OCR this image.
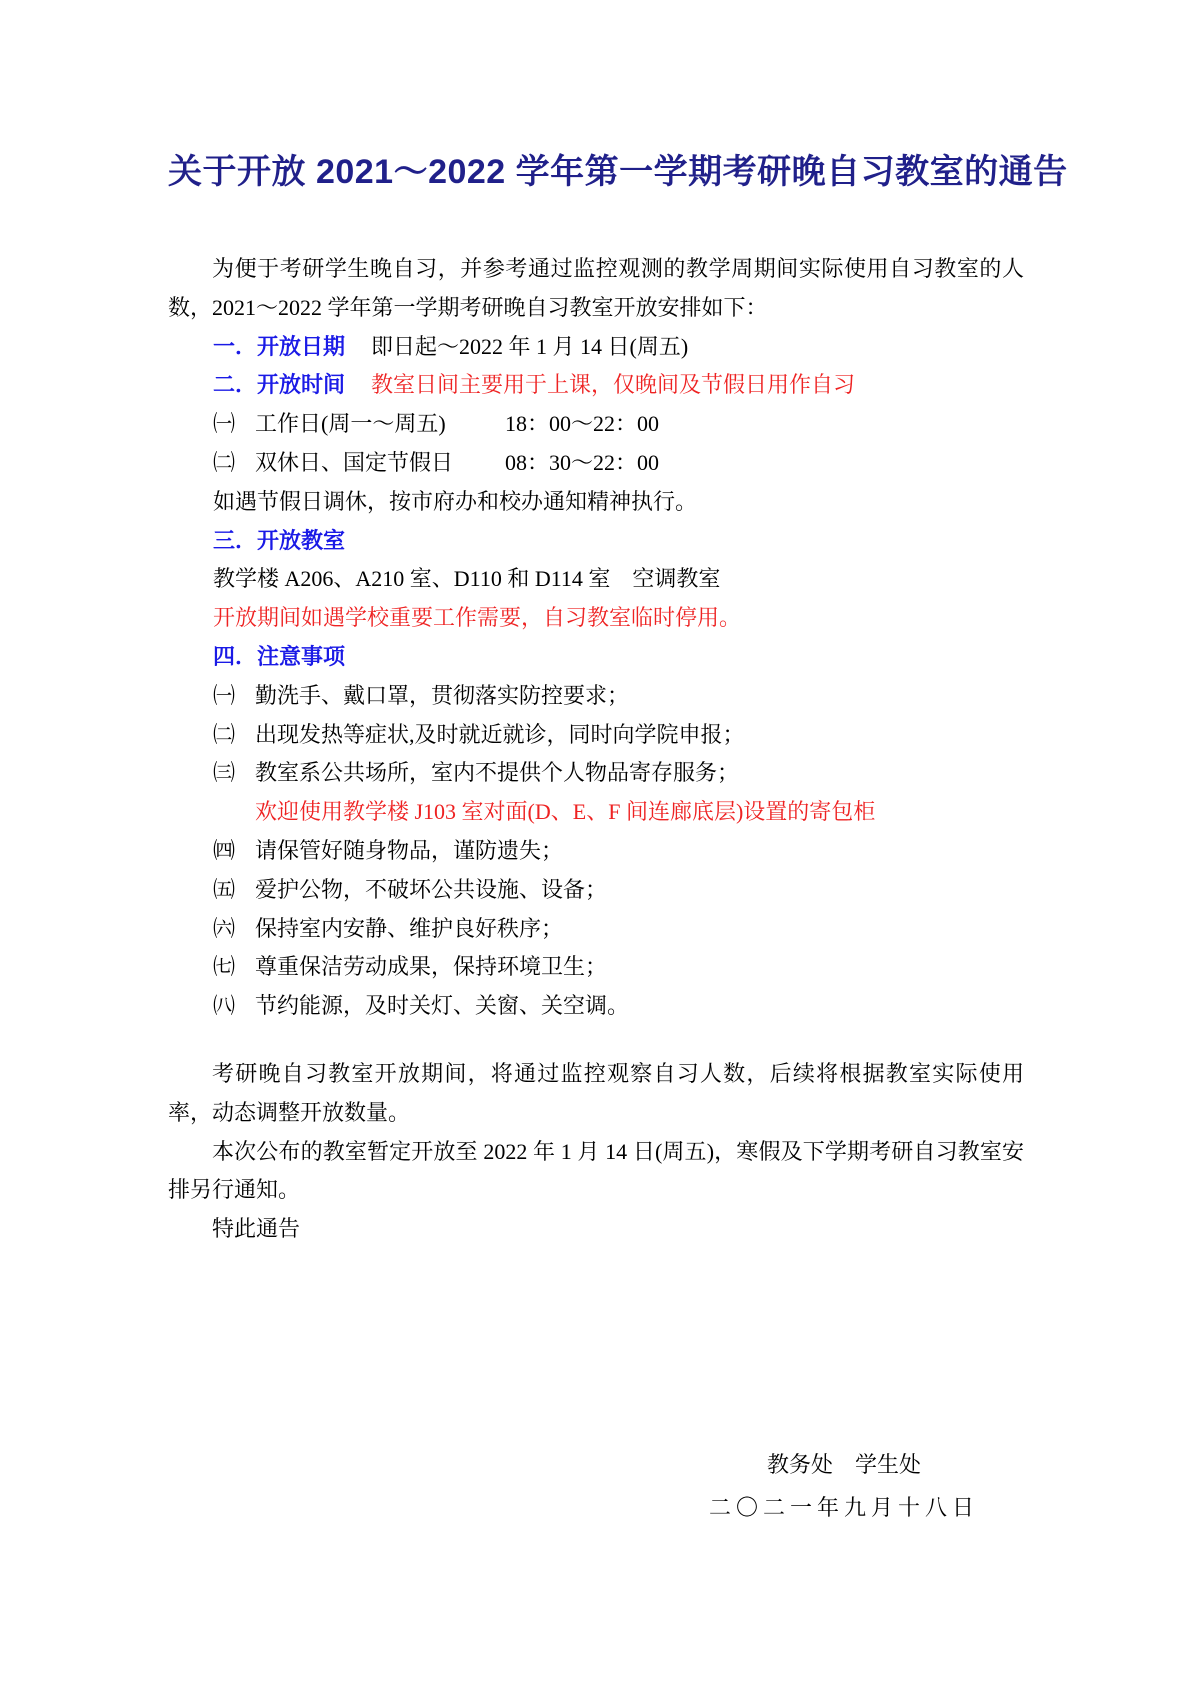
关于开放 2021～2022 学年第一学期考研晚自习教室的通告

为便于考研学生晚自习，并参考通过监控观测的教学周期间实际使用自习教室的人数，2021～2022 学年第一学期考研晚自习教室开放安排如下：

一．开放日期 即日起～2022 年 1 月 14 日(周五)
二．开放时间 教室日间主要用于上课，仅晚间及节假日用作自习
㈠ 工作日(周一～周五)	18：00～22：00
㈡ 双休日、国定节假日 08：30～22：00
如遇节假日调休，按市府办和校办通知精神执行。
三．开放教室
教学楼 A206、A210 室、D110 和 D114 室　空调教室
开放期间如遇学校重要工作需要，自习教室临时停用。
四．注意事项
㈠ 勤洗手、戴口罩，贯彻落实防控要求；
㈡ 出现发热等症状,及时就近就诊，同时向学院申报；
㈢ 教室系公共场所，室内不提供个人物品寄存服务；
欢迎使用教学楼 J103 室对面(D、E、F 间连廊底层)设置的寄包柜
㈣ 请保管好随身物品，谨防遗失；
㈤ 爱护公物，不破坏公共设施、设备；
㈥ 保持室内安静、维护良好秩序；
㈦ 尊重保洁劳动成果，保持环境卫生；
㈧ 节约能源，及时关灯、关窗、关空调。

考研晚自习教室开放期间，将通过监控观察自习人数，后续将根据教室实际使用率，动态调整开放数量。

本次公布的教室暂定开放至 2022 年 1 月 14 日(周五)，寒假及下学期考研自习教室安排另行通知。

特此通告

教务处　学生处
二〇二一年九月十八日
